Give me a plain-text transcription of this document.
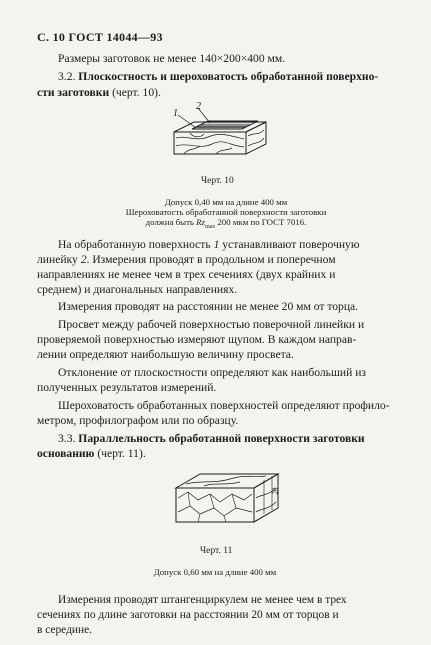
С. 10 ГОСТ 14044—93
Размеры заготовок не менее 140×200×400 мм.
3.2. Плоскостность и шероховатость обработанной поверхно-
сти заготовки (черт. 10).
1
2
Черт. 10
Допуск 0,40 мм на длине 400 мм
Шероховатость обработанной поверхности заготовки
должна быть $Rz_{max}$ 200 мкм по ГОСТ 7016.
На обработанную поверхность 1 устанавливают поверочную
линейку 2. Измерения проводят в продольном и поперечном
направлениях не менее чем в трех сечениях (двух крайних и
среднем) и диагональных направлениях.
Измерения проводят на расстоянии не менее 20 мм от торца.
Просвет между рабочей поверхностью поверочной линейки и
проверяемой поверхностью измеряют щупом. В каждом направ-
лении определяют наибольшую величину просвета.
Отклонение от плоскостности определяют как наибольший из
полученных результатов измерений.
Шероховатость обработанных поверхностей определяют профило-
метром, профилографом или по образцу.
3.3. Параллельность обработанной поверхности заготовки
основанию (черт. 11).
20
Черт. 11
Допуск 0,60 мм на длине 400 мм
Измерения проводят штангенциркулем не менее чем в трех
сечениях по длине заготовки на расстоянии 20 мм от торцов и
в середине.
